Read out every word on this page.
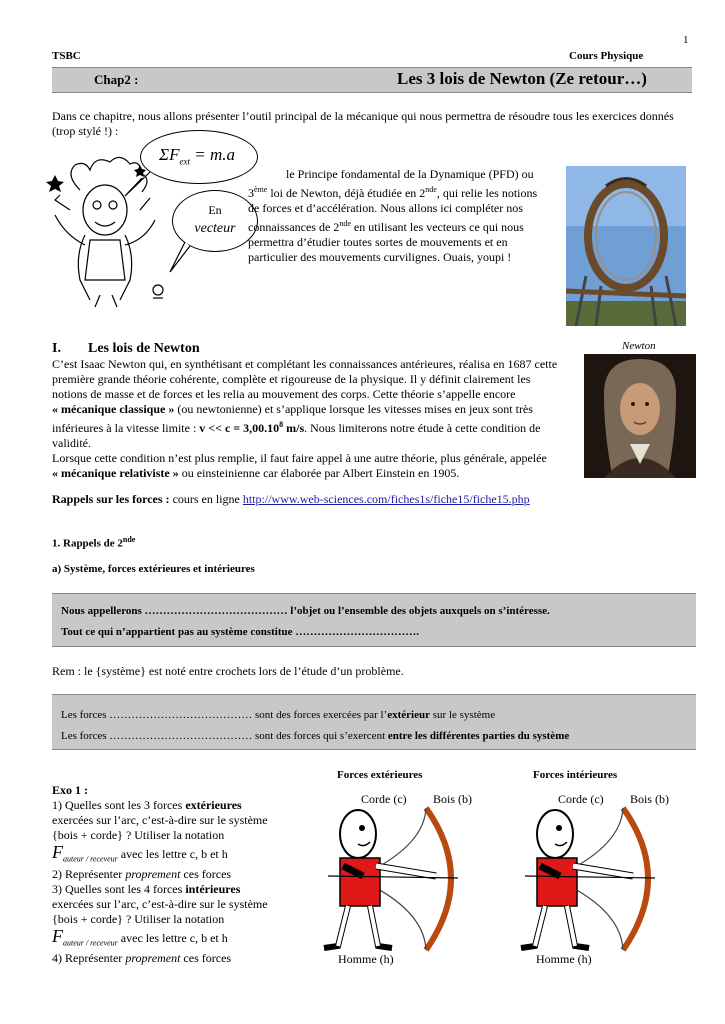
1
TSBC	Cours Physique
Chap2 :	Les 3 lois de Newton (Ze retour…)
Dans ce chapitre, nous allons présenter l’outil principal de la mécanique qui nous permettra de résoudre tous les exercices donnés
(trop stylé !) :
$\Sigma F_{ext} = m.a$
En
vecteur
le Principe fondamental de la Dynamique (PFD) ou
3ème loi de Newton, déjà étudiée en 2nde, qui relie les notions
de forces et d’accélération. Nous allons ici compléter nos
connaissances de 2nde en utilisant les vecteurs ce qui nous
permettra d’étudier toutes sortes de mouvements et en
particulier des mouvements curvilignes. Ouais, youpi !
I. Les lois de Newton	Newton
C’est Isaac Newton qui, en synthétisant et complétant les connaissances antérieures, réalisa en 1687 cette
première grande théorie cohérente, complète et rigoureuse de la physique. Il y définit clairement les
notions de masse et de forces et les relia au mouvement des corps. Cette théorie s’appelle encore
« mécanique classique » (ou newtonienne) et s’applique lorsque les vitesses mises en jeux sont très
inférieures à la vitesse limite : $v << c = 3,00.10^8$ m/s. Nous limiterons notre étude à cette condition de
validité.
Lorsque cette condition n’est plus remplie, il faut faire appel à une autre théorie, plus générale, appelée
« mécanique relativiste » ou einsteinienne car élaborée par Albert Einstein en 1905.
Rappels sur les forces : cours en ligne http://www.web-sciences.com/fiches1s/fiche15/fiche15.php
1. Rappels de 2nde
a) Système, forces extérieures et intérieures
Nous appellerons ………………………………… l’objet ou l’ensemble des objets auxquels on s’intéresse.
Tout ce qui n’appartient pas au système constitue …………………………….
Rem : le {système} est noté entre crochets lors de l’étude d’un problème.
Les forces ………………………………… sont des forces exercées par l’extérieur sur le système
Les forces ………………………………… sont des forces qui s’exercent entre les différentes parties du système
Exo 1 :
1) Quelles sont les 3 forces extérieures
exercées sur l’arc, c’est-à-dire sur le système
{bois + corde} ? Utiliser la notation
$F_{auteur / receveur}$ avec les lettre c, b et h
2) Représenter proprement ces forces
3) Quelles sont les 4 forces intérieures
exercées sur l’arc, c’est-à-dire sur le système
{bois + corde} ? Utiliser la notation
$F_{auteur / receveur}$ avec les lettre c, b et h
4) Représenter proprement ces forces
Forces extérieures	Forces intérieures
Corde (c) Bois (b)
Homme (h)
Corde (c) Bois (b)
Homme (h)
